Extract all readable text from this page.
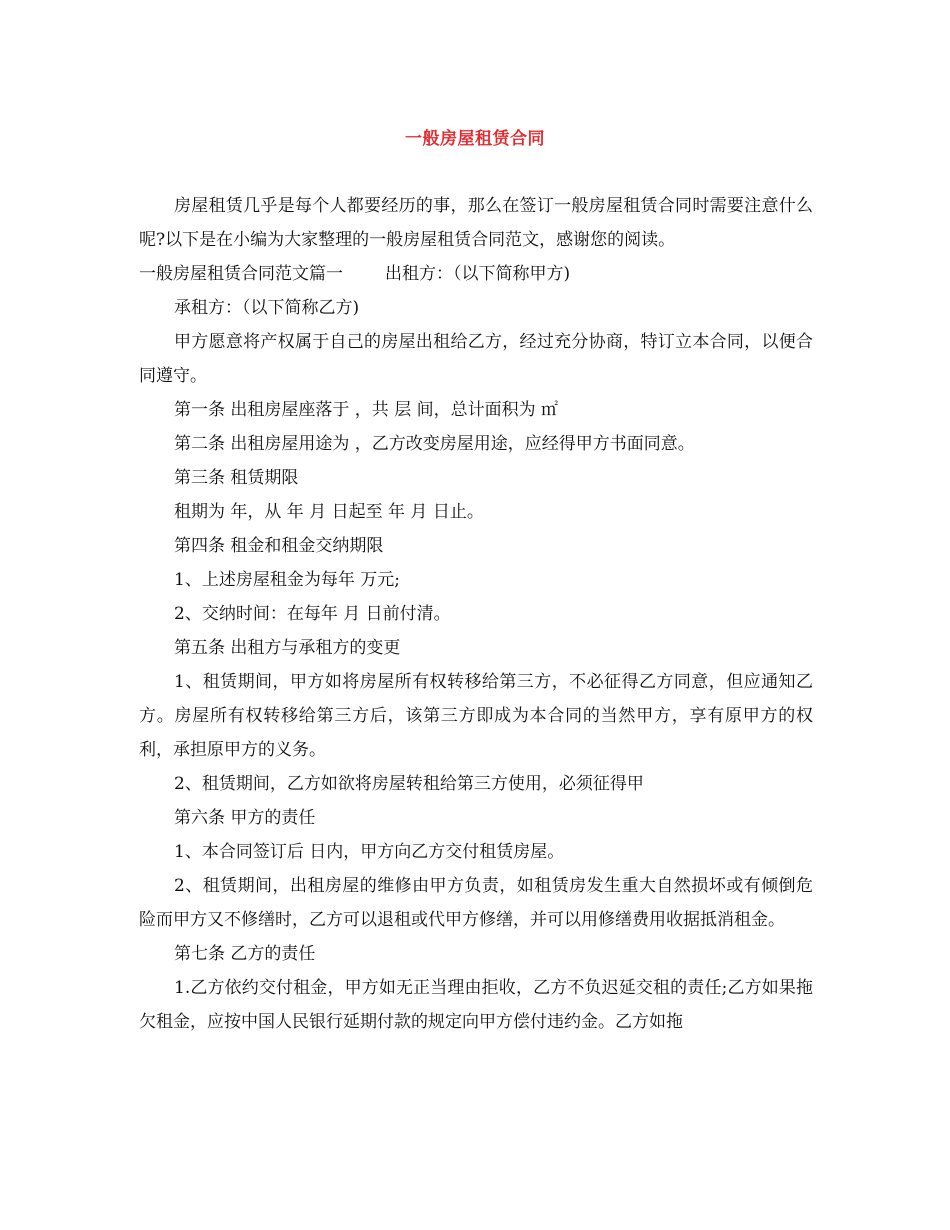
一般房屋租赁合同

房屋租赁几乎是每个人都要经历的事，那么在签订一般房屋租赁合同时需要注意什么呢?以下是在小编为大家整理的一般房屋租赁合同范文，感谢您的阅读。

一般房屋租赁合同范文篇一 出租方：（以下简称甲方)

承租方：（以下简称乙方)

甲方愿意将产权属于自己的房屋出租给乙方，经过充分协商，特订立本合同，以便合同遵守。

第一条 出租房屋座落于 ，共 层 间，总计面积为 ㎡

第二条 出租房屋用途为 ，乙方改变房屋用途，应经得甲方书面同意。

第三条 租赁期限

租期为 年，从 年 月 日起至 年 月 日止。

第四条 租金和租金交纳期限

1、上述房屋租金为每年 万元;

2、交纳时间：在每年 月 日前付清。

第五条 出租方与承租方的变更

1、租赁期间，甲方如将房屋所有权转移给第三方，不必征得乙方同意，但应通知乙方。房屋所有权转移给第三方后，该第三方即成为本合同的当然甲方，享有原甲方的权利，承担原甲方的义务。

2、租赁期间，乙方如欲将房屋转租给第三方使用，必须征得甲

第六条 甲方的责任

1、本合同签订后 日内，甲方向乙方交付租赁房屋。

2、租赁期间，出租房屋的维修由甲方负责，如租赁房发生重大自然损坏或有倾倒危险而甲方又不修缮时，乙方可以退租或代甲方修缮，并可以用修缮费用收据抵消租金。

第七条 乙方的责任

1.乙方依约交付租金，甲方如无正当理由拒收，乙方不负迟延交租的责任;乙方如果拖欠租金，应按中国人民银行延期付款的规定向甲方偿付违约金。乙方如拖
